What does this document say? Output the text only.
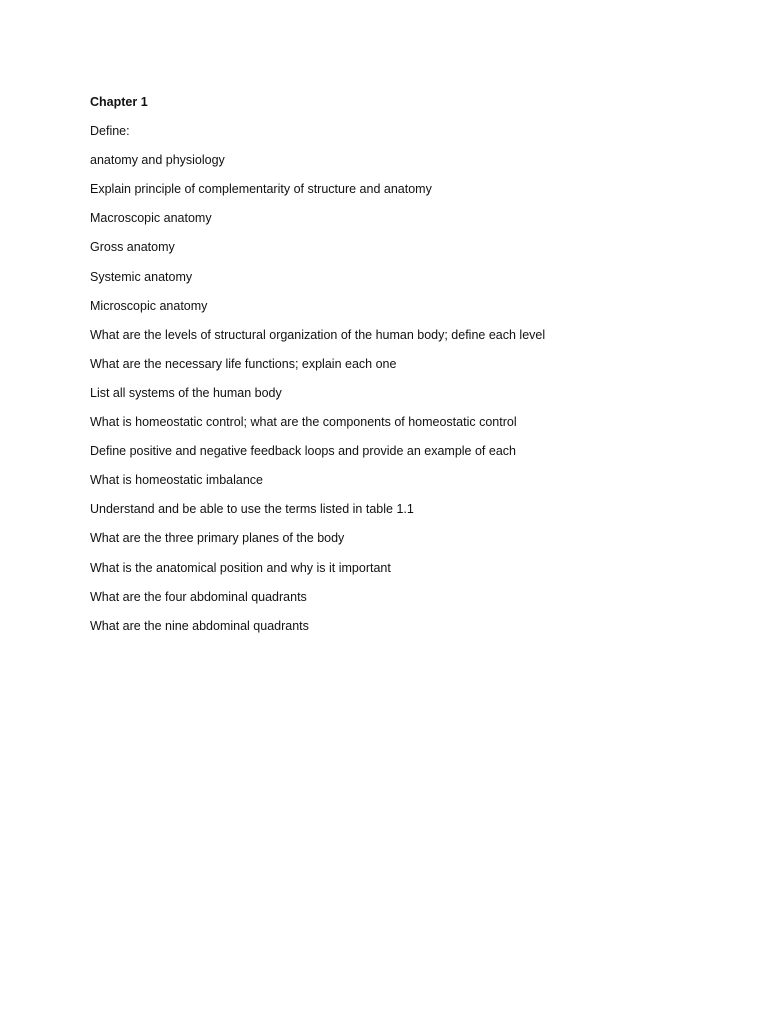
Chapter 1
Define:
anatomy and physiology
Explain principle of complementarity of structure and anatomy
Macroscopic anatomy
Gross anatomy
Systemic anatomy
Microscopic anatomy
What are the levels of structural organization of the human body; define each level
What are the necessary life functions; explain each one
List all systems of the human body
What is homeostatic control; what are the components of homeostatic control
Define positive and negative feedback loops and provide an example of each
What is homeostatic imbalance
Understand and be able to use the terms listed in table 1.1
What are the three primary planes of the body
What is the anatomical position and why is it important
What are the four abdominal quadrants
What are the nine abdominal quadrants
